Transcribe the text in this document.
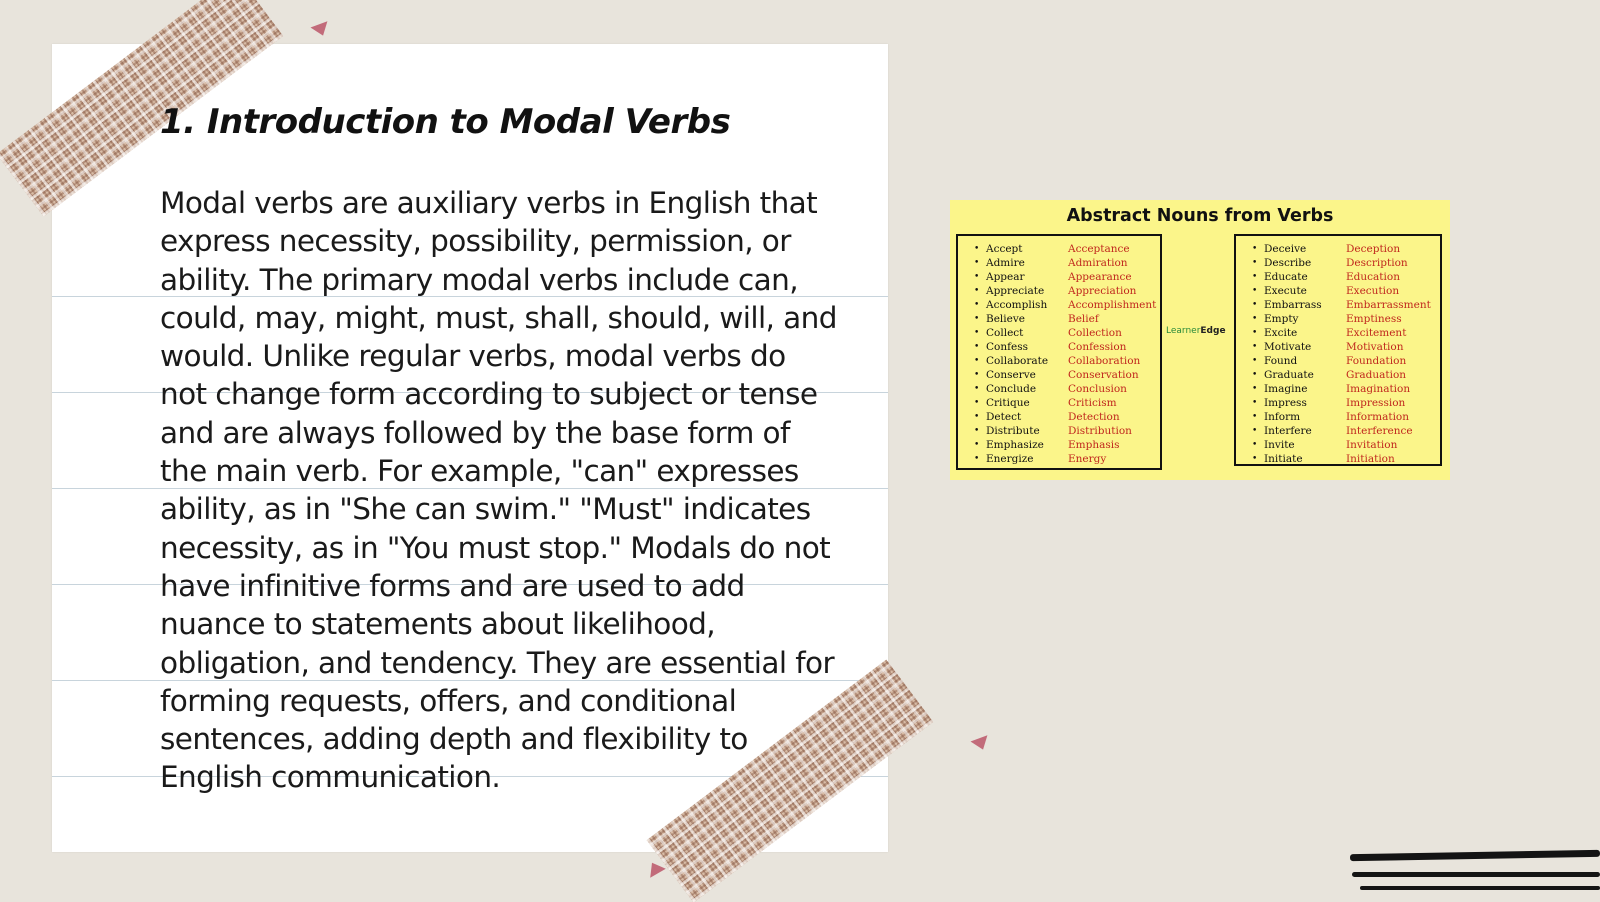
1. Introduction to Modal Verbs

Modal verbs are auxiliary verbs in English that express necessity, possibility, permission, or ability. The primary modal verbs include can, could, may, might, must, shall, should, will, and would. Unlike regular verbs, modal verbs do not change form according to subject or tense and are always followed by the base form of the main verb. For example, "can" expresses ability, as in "She can swim." "Must" indicates necessity, as in "You must stop." Modals do not have infinitive forms and are used to add nuance to statements about likelihood, obligation, and tendency. They are essential for forming requests, offers, and conditional sentences, adding depth and flexibility to English communication.

Abstract Nouns from Verbs
• Accept	Acceptance
• Admire	Admiration
• Appear	Appearance
• Appreciate Appreciation
• Accomplish Accomplishment
• Believe	Belief
• Collect	Collection
• Confess	Confession
• Collaborate Collaboration
• Conserve	Conservation
• Conclude	Conclusion
• Critique	Criticism
• Detect	Detection
• Distribute	Distribution
• Emphasize Emphasis
• Energize	Energy
LearnerEdge
• Deceive	Deception
• Describe	Description
• Educate	Education
• Execute	Execution
• Embarrass Embarrassment
• Empty	Emptiness
• Excite	Excitement
• Motivate	Motivation
• Found	Foundation
• Graduate	Graduation
• Imagine	Imagination
• Impress	Impression
• Inform	Information
• Interfere	Interference
• Invite	Invitation
• Initiate	Initiation
